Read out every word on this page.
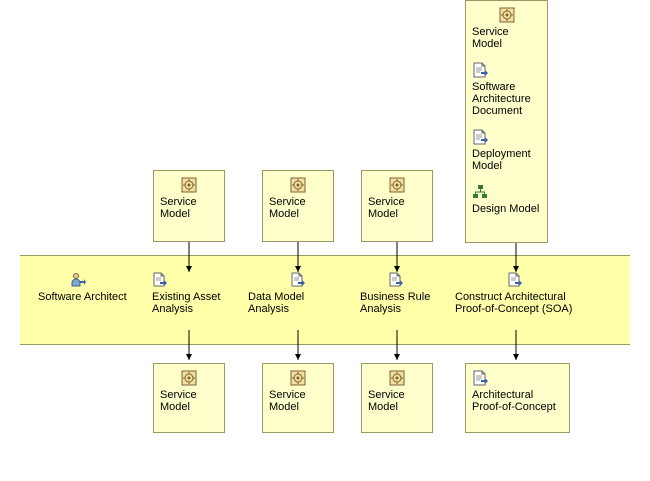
Service Model
Software Architecture Document
Deployment Model
Design Model
Service Model
Service Model
Service Model
Software Architect	Existing Asset Analysis
Data Model Analysis
Business Rule Analysis
Construct Architectural Proof-of-Concept (SOA)
Service Model
Service Model
Service Model
Architectural Proof-of-Concept
